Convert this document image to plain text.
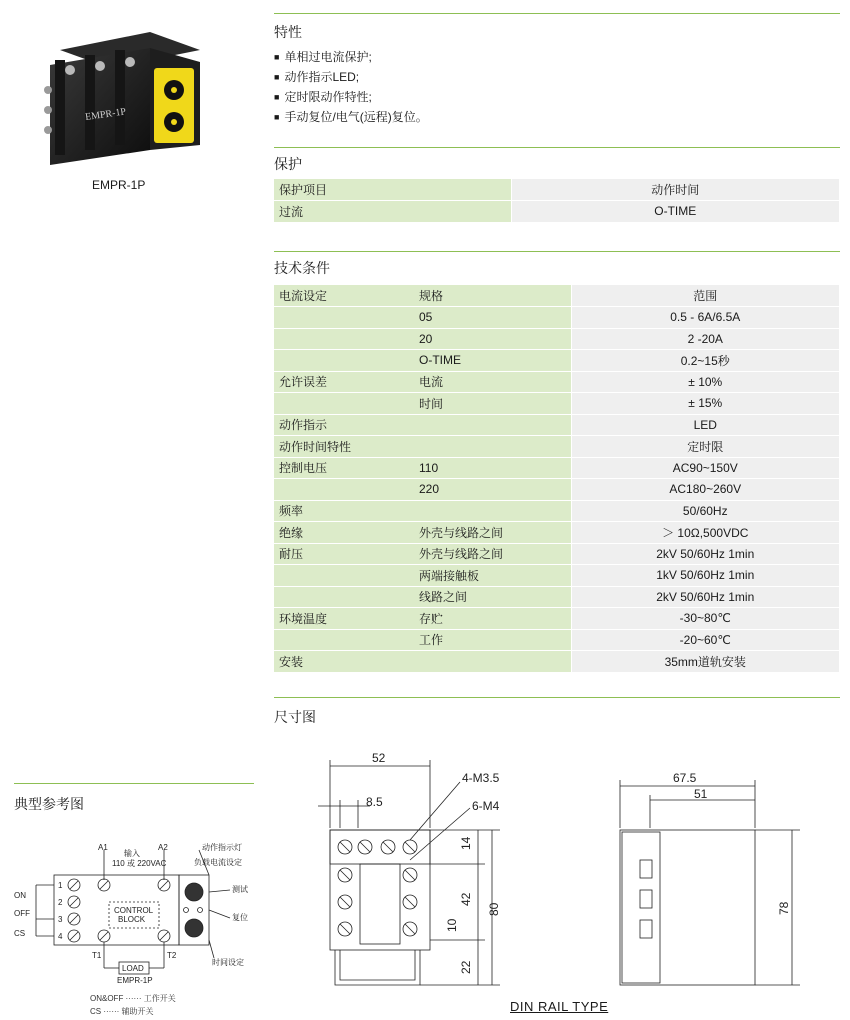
EMPR-1P
EMPR-1P
特性
■ 单相过电流保护;
■ 动作指示LED;
■ 定时限动作特性;
■ 手动复位/电气(远程)复位。
保护
保护项目	动作时间
过流	O-TIME
技术条件
电流设定	规格	范围
	05	0.5 - 6A/6.5A
	20	2 -20A
	O-TIME	0.2~15秒
允许误差	电流	± 10%
	时间	± 15%
动作指示		LED
动作时间特性		定时限
控制电压	110	AC90~150V
	220	AC180~260V
频率		50/60Hz
绝缘	外壳与线路之间	＞ 10Ω,500VDC
耐压	外壳与线路之间	2kV 50/60Hz 1min
	两端接触板	1kV 50/60Hz 1min
	线路之间	2kV 50/60Hz 1min
环境温度	存贮	-30~80℃
	工作	-20~60℃
安装		35mm道轨安装
尺寸图
52
8.5
4-M3.5
6-M4
14
42
80
10
22
67.5
51
78
DIN RAIL TYPE
典型参考图
A1	A2
输入
110 或 220VAC
CONTROL
BLOCK
1
2
3
4
ON
OFF
CS
LOAD
EMPR-1P
T1	T2
动作指示灯
负载电流设定
测试
复位
时间设定
ON&OFF ······ 工作开关
CS ······ 辅助开关
